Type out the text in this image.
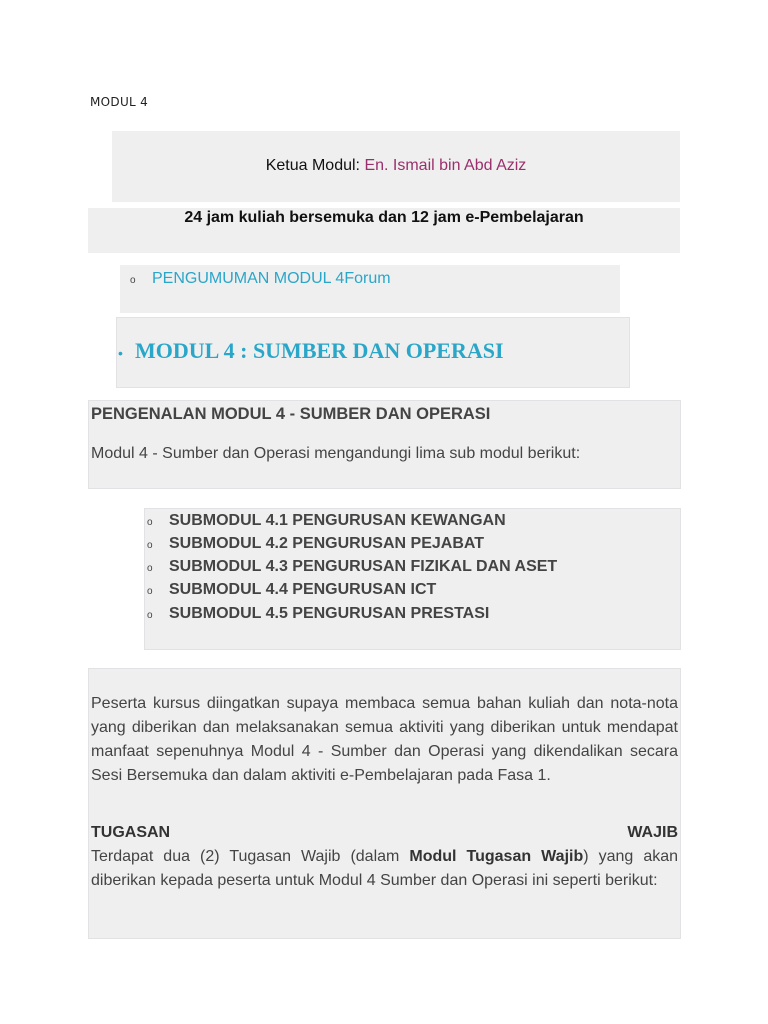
MODUL 4
Ketua Modul: En. Ismail bin Abd Aziz
24 jam kuliah bersemuka dan 12 jam e-Pembelajaran
o PENGUMUMAN MODUL 4Forum
• MODUL 4 : SUMBER DAN OPERASI
PENGENALAN MODUL 4 - SUMBER DAN OPERASI
Modul 4 - Sumber dan Operasi mengandungi lima sub modul berikut:
o SUBMODUL 4.1 PENGURUSAN KEWANGAN
o SUBMODUL 4.2 PENGURUSAN PEJABAT
o SUBMODUL 4.3 PENGURUSAN FIZIKAL DAN ASET
o SUBMODUL 4.4 PENGURUSAN ICT
o SUBMODUL 4.5 PENGURUSAN PRESTASI
Peserta kursus diingatkan supaya membaca semua bahan kuliah dan nota-nota yang diberikan dan melaksanakan semua aktiviti yang diberikan untuk mendapat manfaat sepenuhnya Modul 4 - Sumber dan Operasi yang dikendalikan secara Sesi Bersemuka dan dalam aktiviti e-Pembelajaran pada Fasa 1.
TUGASAN	WAJIB
Terdapat dua (2) Tugasan Wajib (dalam Modul Tugasan Wajib) yang akan diberikan kepada peserta untuk Modul 4 Sumber dan Operasi ini seperti berikut:
